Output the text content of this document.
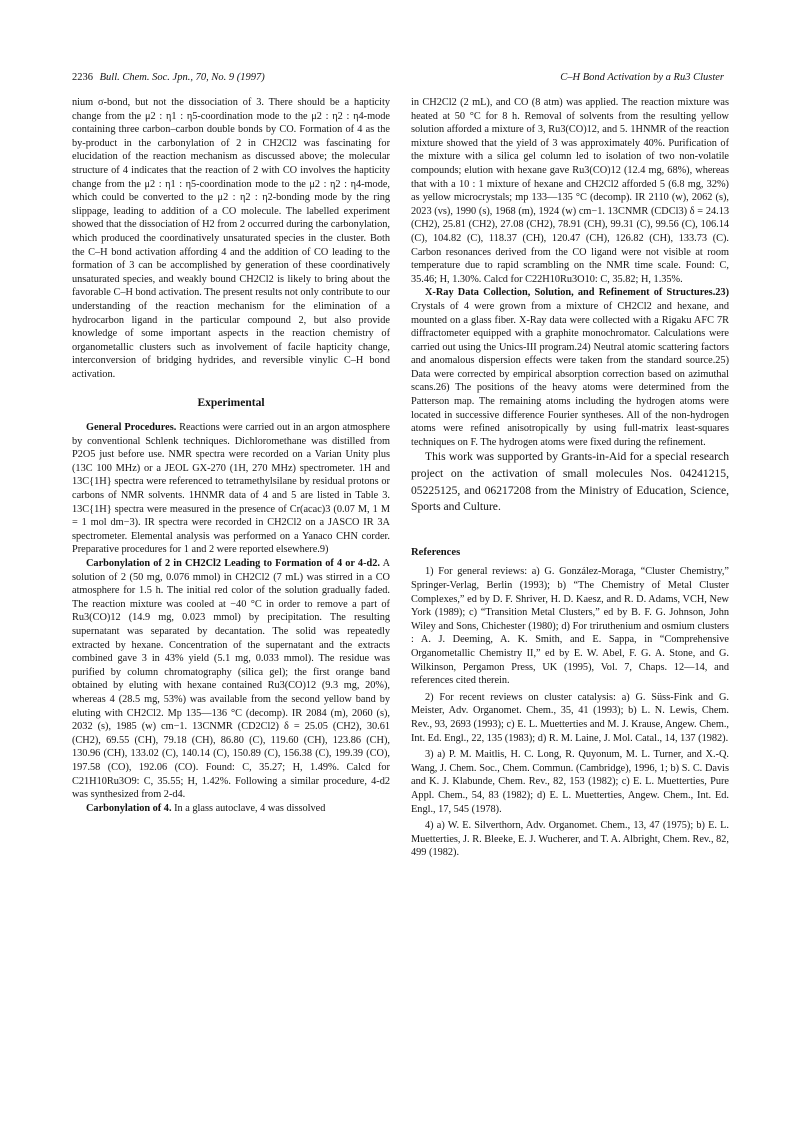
2236 Bull. Chem. Soc. Jpn., 70, No. 9 (1997)	C–H Bond Activation by a Ru3 Cluster

nium σ-bond, but not the dissociation of 3. There should be a hapticity change from the μ2 : η1 : η5-coordination mode to the μ2 : η2 : η4-mode containing three carbon–carbon double bonds by CO. Formation of 4 as the by-product in the carbonylation of 2 in CH2Cl2 was fascinating for elucidation of the reaction mechanism as discussed above; the molecular structure of 4 indicates that the reaction of 2 with CO involves the hapticity change from the μ2 : η1 : η5-coordination mode to the μ2 : η2 : η4-mode, which could be converted to the μ2 : η2 : η2-bonding mode by the ring slippage, leading to addition of a CO molecule. The labelled experiment showed that the dissociation of H2 from 2 occurred during the carbonylation, which produced the coordinatively unsaturated species in the cluster. Both the C–H bond activation affording 4 and the addition of CO leading to the formation of 3 can be accomplished by generation of these coordinatively unsaturated species, and weakly bound CH2Cl2 is likely to bring about the favorable C–H bond activation. The present results not only contribute to our understanding of the reaction mechanism for the elimination of a hydrocarbon ligand in the particular compound 2, but also provide knowledge of some important aspects in the reaction chemistry of organometallic clusters such as involvement of facile hapticity change, interconversion of bridging hydrides, and reversible vinylic C–H bond activation.

Experimental

General Procedures. Reactions were carried out in an argon atmosphere by conventional Schlenk techniques. Dichloromethane was distilled from P2O5 just before use. NMR spectra were recorded on a Varian Unity plus (13C 100 MHz) or a JEOL GX-270 (1H, 270 MHz) spectrometer. 1H and 13C{1H} spectra were referenced to tetramethylsilane by residual protons or carbons of NMR solvents. 1HNMR data of 4 and 5 are listed in Table 3. 13C{1H} spectra were measured in the presence of Cr(acac)3 (0.07 M, 1 M = 1 mol dm−3). IR spectra were recorded in CH2Cl2 on a JASCO IR 3A spectrometer. Elemental analysis was performed on a Yanaco CHN corder. Preparative procedures for 1 and 2 were reported elsewhere.9)

Carbonylation of 2 in CH2Cl2 Leading to Formation of 4 or 4-d2. A solution of 2 (50 mg, 0.076 mmol) in CH2Cl2 (7 mL) was stirred in a CO atmosphere for 1.5 h. The initial red color of the solution gradually faded. The reaction mixture was cooled at −40 °C in order to remove a part of Ru3(CO)12 (14.9 mg, 0.023 mmol) by precipitation. The resulting supernatant was separated by decantation. The solid was repeatedly extracted by hexane. Concentration of the supernatant and the extracts combined gave 3 in 43% yield (5.1 mg, 0.033 mmol). The residue was purified by column chromatography (silica gel); the first orange band obtained by eluting with hexane contained Ru3(CO)12 (9.3 mg, 20%), whereas 4 (28.5 mg, 53%) was available from the second yellow band by eluting with CH2Cl2. Mp 135—136 °C (decomp). IR 2084 (m), 2060 (s), 2032 (s), 1985 (w) cm−1. 13CNMR (CD2Cl2) δ = 25.05 (CH2), 30.61 (CH2), 69.55 (CH), 79.18 (CH), 86.80 (C), 119.60 (CH), 123.86 (CH), 130.96 (CH), 133.02 (C), 140.14 (C), 150.89 (C), 156.38 (C), 199.39 (CO), 197.58 (CO), 192.06 (CO). Found: C, 35.27; H, 1.49%. Calcd for C21H10Ru3O9: C, 35.55; H, 1.42%. Following a similar procedure, 4-d2 was synthesized from 2-d4.

Carbonylation of 4. In a glass autoclave, 4 was dissolved

in CH2Cl2 (2 mL), and CO (8 atm) was applied. The reaction mixture was heated at 50 °C for 8 h. Removal of solvents from the resulting yellow solution afforded a mixture of 3, Ru3(CO)12, and 5. 1HNMR of the reaction mixture showed that the yield of 3 was approximately 40%. Purification of the mixture with a silica gel column led to isolation of two non-volatile compounds; elution with hexane gave Ru3(CO)12 (12.4 mg, 68%), whereas that with a 10 : 1 mixture of hexane and CH2Cl2 afforded 5 (6.8 mg, 32%) as yellow microcrystals; mp 133—135 °C (decomp). IR 2110 (w), 2062 (s), 2023 (vs), 1990 (s), 1968 (m), 1924 (w) cm−1. 13CNMR (CDCl3) δ = 24.13 (CH2), 25.81 (CH2), 27.08 (CH2), 78.91 (CH), 99.31 (C), 99.56 (C), 106.14 (C), 104.82 (C), 118.37 (CH), 120.47 (CH), 126.82 (CH), 133.73 (C). Carbon resonances derived from the CO ligand were not visible at room temperature due to rapid scrambling on the NMR time scale. Found: C, 35.46; H, 1.30%. Calcd for C22H10Ru3O10: C, 35.82; H, 1.35%.

X-Ray Data Collection, Solution, and Refinement of Structures.23) Crystals of 4 were grown from a mixture of CH2Cl2 and hexane, and mounted on a glass fiber. X-Ray data were collected with a Rigaku AFC 7R diffractometer equipped with a graphite monochromator. Calculations were carried out using the Unics-III program.24) Neutral atomic scattering factors and anomalous dispersion effects were taken from the standard source.25) Data were corrected by empirical absorption correction based on azimuthal scans.26) The positions of the heavy atoms were determined from the Patterson map. The remaining atoms including the hydrogen atoms were located in successive difference Fourier syntheses. All of the non-hydrogen atoms were refined anisotropically by using full-matrix least-squares techniques on F. The hydrogen atoms were fixed during the refinement.

This work was supported by Grants-in-Aid for a special research project on the activation of small molecules Nos. 04241215, 05225125, and 06217208 from the Ministry of Education, Science, Sports and Culture.

References

1) For general reviews: a) G. González-Moraga, “Cluster Chemistry,” Springer-Verlag, Berlin (1993); b) “The Chemistry of Metal Cluster Complexes,” ed by D. F. Shriver, H. D. Kaesz, and R. D. Adams, VCH, New York (1989); c) “Transition Metal Clusters,” ed by B. F. G. Johnson, John Wiley and Sons, Chichester (1980); d) For triruthenium and osmium clusters : A. J. Deeming, A. K. Smith, and E. Sappa, in “Comprehensive Organometallic Chemistry II,” ed by E. W. Abel, F. G. A. Stone, and G. Wilkinson, Pergamon Press, UK (1995), Vol. 7, Chaps. 12—14, and references cited therein.

2) For recent reviews on cluster catalysis: a) G. Süss-Fink and G. Meister, Adv. Organomet. Chem., 35, 41 (1993); b) L. N. Lewis, Chem. Rev., 93, 2693 (1993); c) E. L. Muetterties and M. J. Krause, Angew. Chem., Int. Ed. Engl., 22, 135 (1983); d) R. M. Laine, J. Mol. Catal., 14, 137 (1982).

3) a) P. M. Maitlis, H. C. Long, R. Quyonum, M. L. Turner, and X.-Q. Wang, J. Chem. Soc., Chem. Commun. (Cambridge), 1996, 1; b) S. C. Davis and K. J. Klabunde, Chem. Rev., 82, 153 (1982); c) E. L. Muetterties, Pure Appl. Chem., 54, 83 (1982); d) E. L. Muetterties, Angew. Chem., Int. Ed. Engl., 17, 545 (1978).

4) a) W. E. Silverthorn, Adv. Organomet. Chem., 13, 47 (1975); b) E. L. Muetterties, J. R. Bleeke, E. J. Wucherer, and T. A. Albright, Chem. Rev., 82, 499 (1982).
